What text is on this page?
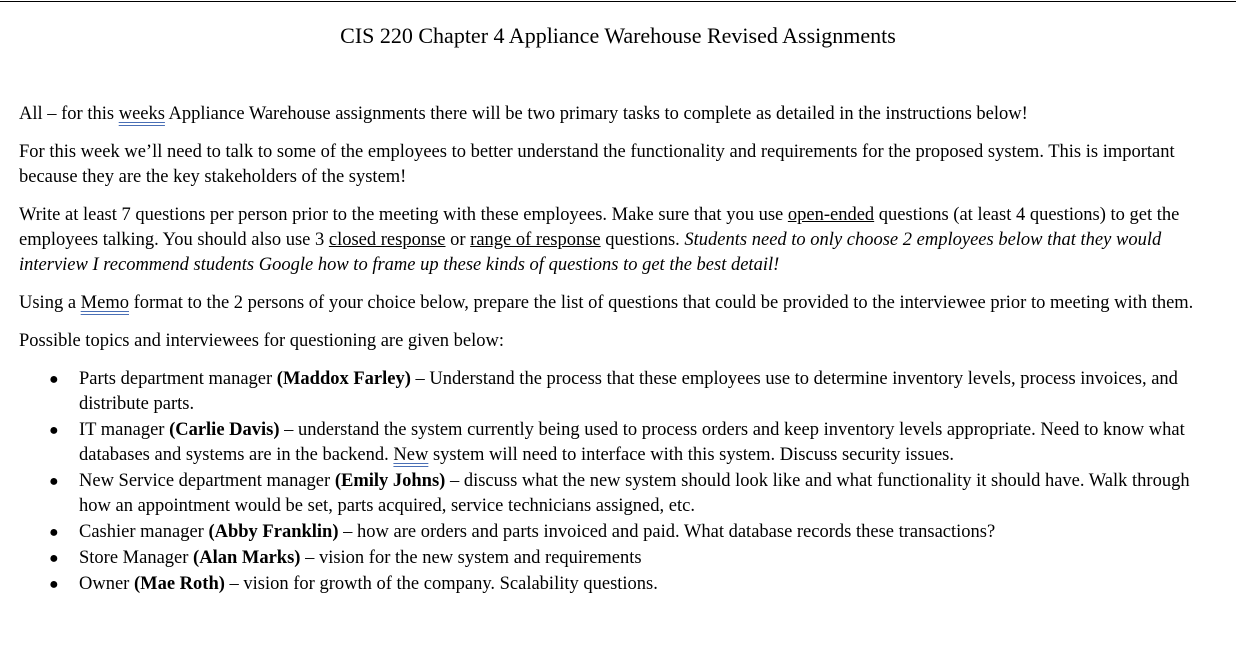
CIS 220 Chapter 4 Appliance Warehouse Revised Assignments

All – for this weeks Appliance Warehouse assignments there will be two primary tasks to complete as detailed in the instructions below!

For this week we’ll need to talk to some of the employees to better understand the functionality and requirements for the proposed system. This is important because they are the key stakeholders of the system!

Write at least 7 questions per person prior to the meeting with these employees. Make sure that you use open-ended questions (at least 4 questions) to get the employees talking. You should also use 3 closed response or range of response questions. Students need to only choose 2 employees below that they would interview I recommend students Google how to frame up these kinds of questions to get the best detail!

Using a Memo format to the 2 persons of your choice below, prepare the list of questions that could be provided to the interviewee prior to meeting with them.

Possible topics and interviewees for questioning are given below:

● Parts department manager (Maddox Farley) – Understand the process that these employees use to determine inventory levels, process invoices, and distribute parts.
● IT manager (Carlie Davis) – understand the system currently being used to process orders and keep inventory levels appropriate. Need to know what databases and systems are in the backend. New system will need to interface with this system. Discuss security issues.
● New Service department manager (Emily Johns) – discuss what the new system should look like and what functionality it should have. Walk through how an appointment would be set, parts acquired, service technicians assigned, etc.
● Cashier manager (Abby Franklin) – how are orders and parts invoiced and paid. What database records these transactions?
● Store Manager (Alan Marks) – vision for the new system and requirements
● Owner (Mae Roth) – vision for growth of the company. Scalability questions.
